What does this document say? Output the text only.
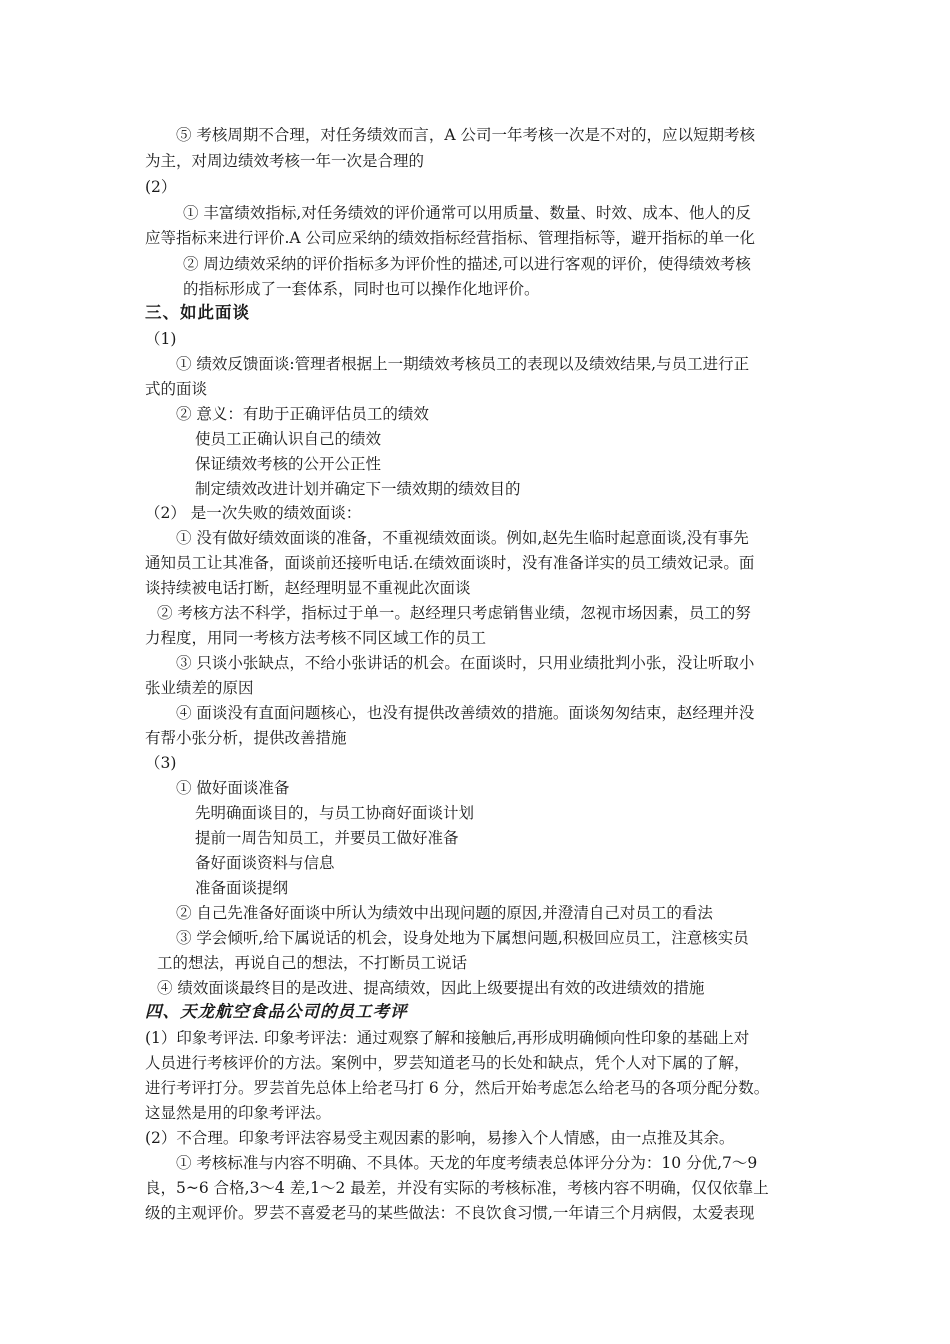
⑤ 考核周期不合理，对任务绩效而言，A 公司一年考核一次是不对的，应以短期考核
为主，对周边绩效考核一年一次是合理的
(2）
① 丰富绩效指标,对任务绩效的评价通常可以用质量、数量、时效、成本、他人的反
应等指标来进行评价.A 公司应采纳的绩效指标经营指标、管理指标等，避开指标的单一化
② 周边绩效采纳的评价指标多为评价性的描述,可以进行客观的评价，使得绩效考核
的指标形成了一套体系，同时也可以操作化地评价。
三、如此面谈
（1)
① 绩效反馈面谈:管理者根据上一期绩效考核员工的表现以及绩效结果,与员工进行正
式的面谈
② 意义：有助于正确评估员工的绩效
使员工正确认识自己的绩效
保证绩效考核的公开公正性
制定绩效改进计划并确定下一绩效期的绩效目的
（2） 是一次失败的绩效面谈：
① 没有做好绩效面谈的准备，不重视绩效面谈。例如,赵先生临时起意面谈,没有事先
通知员工让其准备，面谈前还接听电话.在绩效面谈时，没有准备详实的员工绩效记录。面
谈持续被电话打断，赵经理明显不重视此次面谈
② 考核方法不科学，指标过于单一。赵经理只考虑销售业绩，忽视市场因素，员工的努
力程度，用同一考核方法考核不同区域工作的员工
③ 只谈小张缺点，不给小张讲话的机会。在面谈时，只用业绩批判小张，没让听取小
张业绩差的原因
④ 面谈没有直面问题核心，也没有提供改善绩效的措施。面谈匆匆结束，赵经理并没
有帮小张分析，提供改善措施
（3)
① 做好面谈准备
先明确面谈目的，与员工协商好面谈计划
提前一周告知员工，并要员工做好准备
备好面谈资料与信息
准备面谈提纲
② 自己先准备好面谈中所认为绩效中出现问题的原因,并澄清自己对员工的看法
③ 学会倾听,给下属说话的机会，设身处地为下属想问题,积极回应员工，注意核实员
工的想法，再说自己的想法，不打断员工说话
④ 绩效面谈最终目的是改进、提高绩效，因此上级要提出有效的改进绩效的措施
四、天龙航空食品公司的员工考评
(1）印象考评法. 印象考评法：通过观察了解和接触后,再形成明确倾向性印象的基础上对
人员进行考核评价的方法。案例中，罗芸知道老马的长处和缺点，凭个人对下属的了解，
进行考评打分。罗芸首先总体上给老马打 6 分，然后开始考虑怎么给老马的各项分配分数。
这显然是用的印象考评法。
(2）不合理。印象考评法容易受主观因素的影响，易掺入个人情感，由一点推及其余。
① 考核标准与内容不明确、不具体。天龙的年度考绩表总体评分分为：10 分优,7～9
良，5~6 合格,3～4 差,1～2 最差，并没有实际的考核标准，考核内容不明确，仅仅依靠上
级的主观评价。罗芸不喜爱老马的某些做法：不良饮食习惯,一年请三个月病假，太爱表现
